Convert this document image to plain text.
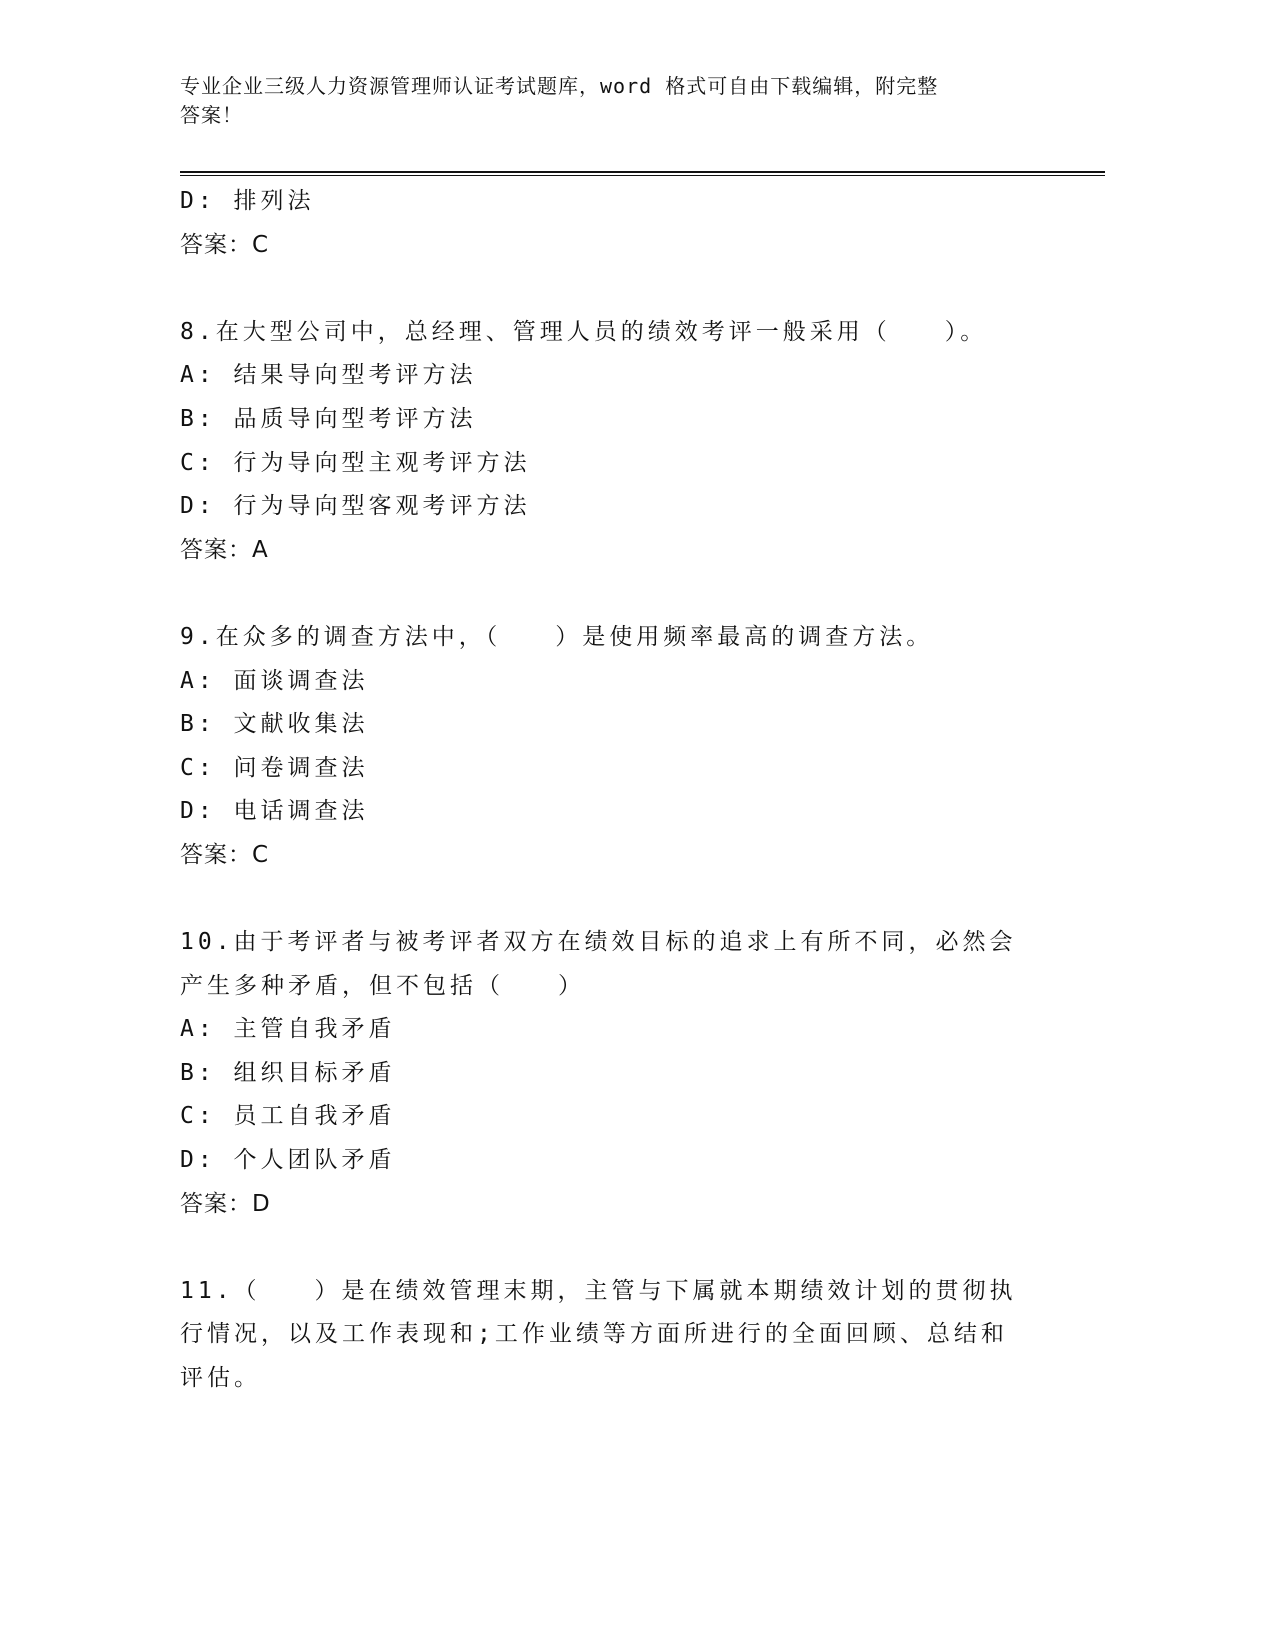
专业企业三级人力资源管理师认证考试题库，word 格式可自由下载编辑，附完整
答案！
D: 排列法
答案：C
8.在大型公司中，总经理、管理人员的绩效考评一般采用（　　）。
A: 结果导向型考评方法
B: 品质导向型考评方法
C: 行为导向型主观考评方法
D: 行为导向型客观考评方法
答案：A
9.在众多的调查方法中，（　　）是使用频率最高的调查方法。
A: 面谈调查法
B: 文献收集法
C: 问卷调查法
D: 电话调查法
答案：C
10.由于考评者与被考评者双方在绩效目标的追求上有所不同，必然会
产生多种矛盾，但不包括（　　）
A: 主管自我矛盾
B: 组织目标矛盾
C: 员工自我矛盾
D: 个人团队矛盾
答案：D
11.（　　）是在绩效管理末期，主管与下属就本期绩效计划的贯彻执
行情况，以及工作表现和;工作业绩等方面所进行的全面回顾、总结和
评估。
